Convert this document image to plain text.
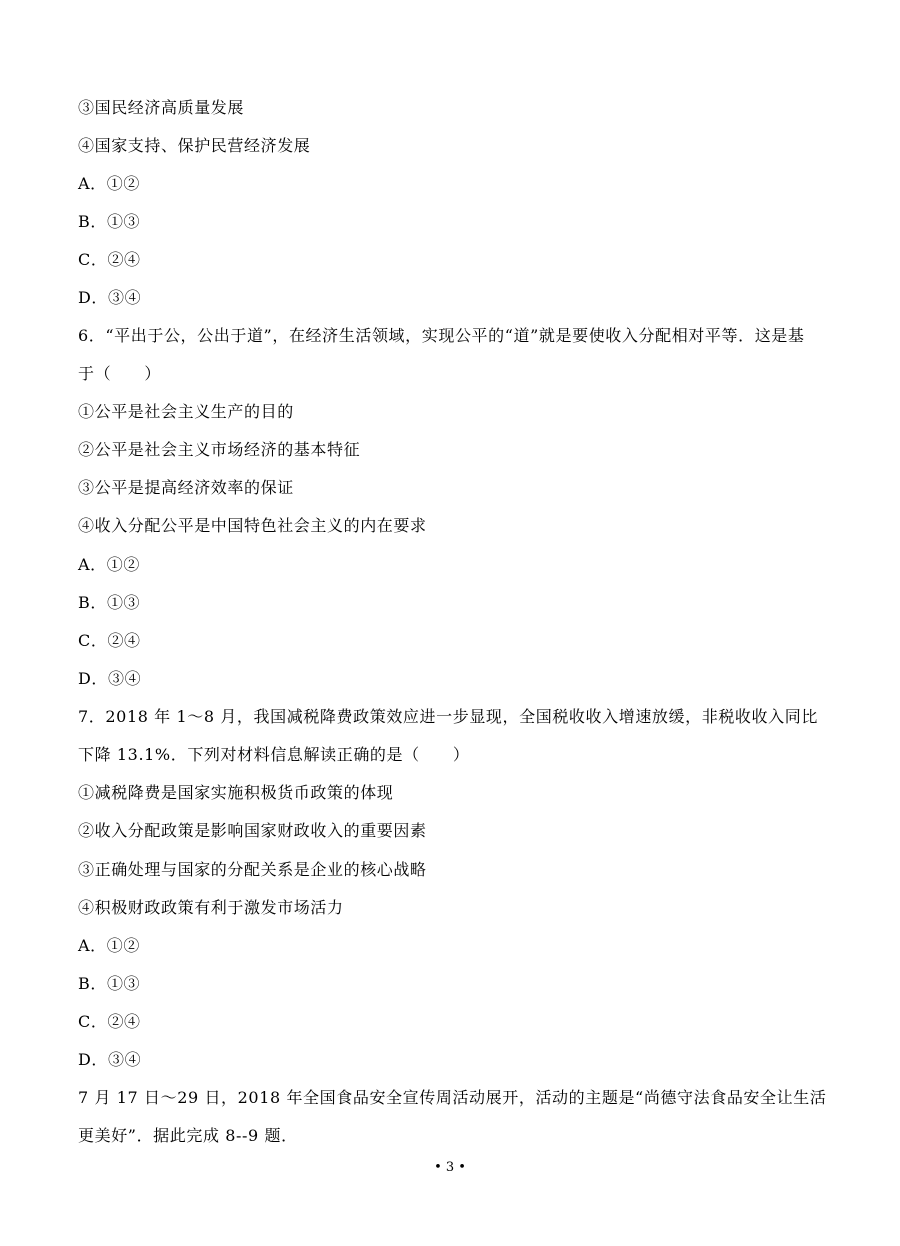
③国民经济高质量发展
④国家支持、保护民营经济发展
A．①②
B．①③
C．②④
D．③④
6．“平出于公，公出于道”，在经济生活领域，实现公平的“道”就是要使收入分配相对平等．这是基
于（　　）
①公平是社会主义生产的目的
②公平是社会主义市场经济的基本特征
③公平是提高经济效率的保证
④收入分配公平是中国特色社会主义的内在要求
A．①②
B．①③
C．②④
D．③④
7．2018 年 1～8 月，我国减税降费政策效应进一步显现，全国税收收入增速放缓，非税收收入同比
下降 13.1%．下列对材料信息解读正确的是（　　）
①减税降费是国家实施积极货币政策的体现
②收入分配政策是影响国家财政收入的重要因素
③正确处理与国家的分配关系是企业的核心战略
④积极财政政策有利于激发市场活力
A．①②
B．①③
C．②④
D．③④
7 月 17 日～29 日，2018 年全国食品安全宣传周活动展开，活动的主题是“尚德守法食品安全让生活
更美好”．据此完成 8--9 题．
• 3 •
